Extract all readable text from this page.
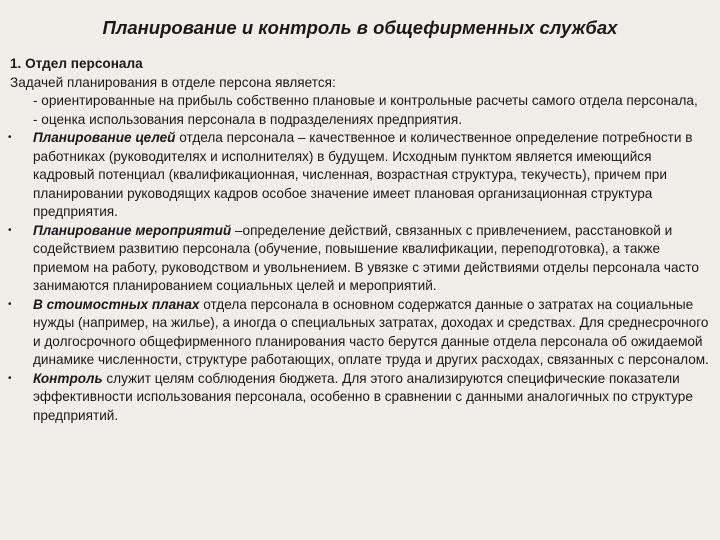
Планирование и контроль в общефирменных службах

1. Отдел персонала

Задачей планирования в отделе персона является:

- ориентированные на прибыль собственно плановые и контрольные расчеты самого отдела персонала,

- оценка использования персонала в подразделениях предприятия.

• Планирование целей отдела персонала – качественное и количественное определение потребности в работниках (руководителях и исполнителях) в будущем. Исходным пунктом является имеющийся кадровый потенциал (квалификационная, численная, возрастная структура, текучесть), причем при планировании руководящих кадров особое значение имеет плановая организационная структура предприятия.
• Планирование мероприятий –определение действий, связанных с привлечением, расстановкой и содействием развитию персонала (обучение, повышение квалификации, переподготовка), а также приемом на работу, руководством и увольнением. В увязке с этими действиями отделы персонала часто занимаются планированием социальных целей и мероприятий.
• В стоимостных планах отдела персонала в основном содержатся данные о затратах на социальные нужды (например, на жилье), а иногда о специальных затратах, доходах и средствах. Для среднесрочного и долгосрочного общефирменного планирования часто берутся данные отдела персонала об ожидаемой динамике численности, структуре работающих, оплате труда и других расходах, связанных с персоналом.
• Контроль служит целям соблюдения бюджета. Для этого анализируются специфические показатели эффективности использования персонала, особенно в сравнении с данными аналогичных по структуре предприятий.
